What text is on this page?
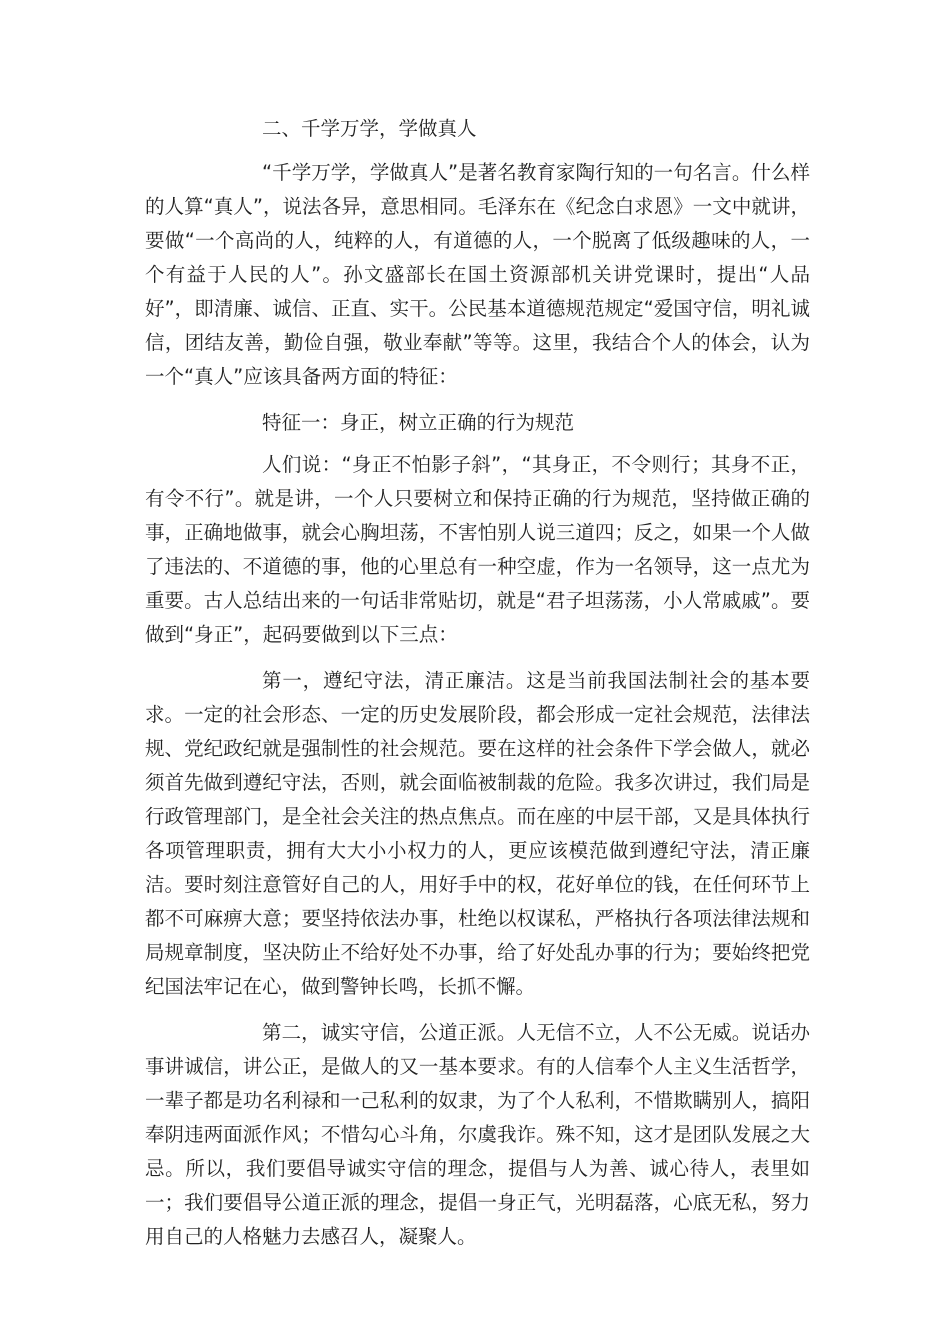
二、千学万学，学做真人

“千学万学，学做真人”是著名教育家陶行知的一句名言。什么样的人算“真人”，说法各异，意思相同。毛泽东在《纪念白求恩》一文中就讲，要做“一个高尚的人，纯粹的人，有道德的人，一个脱离了低级趣味的人，一个有益于人民的人”。孙文盛部长在国土资源部机关讲党课时，提出“人品好”，即清廉、诚信、正直、实干。公民基本道德规范规定“爱国守信，明礼诚信，团结友善，勤俭自强，敬业奉献”等等。这里，我结合个人的体会，认为一个“真人”应该具备两方面的特征：

特征一：身正，树立正确的行为规范

人们说：“身正不怕影子斜”，“其身正，不令则行；其身不正，有令不行”。就是讲，一个人只要树立和保持正确的行为规范，坚持做正确的事，正确地做事，就会心胸坦荡，不害怕别人说三道四；反之，如果一个人做了违法的、不道德的事，他的心里总有一种空虚，作为一名领导，这一点尤为重要。古人总结出来的一句话非常贴切，就是“君子坦荡荡，小人常戚戚”。要做到“身正”，起码要做到以下三点：

第一，遵纪守法，清正廉洁。这是当前我国法制社会的基本要求。一定的社会形态、一定的历史发展阶段，都会形成一定社会规范，法律法规、党纪政纪就是强制性的社会规范。要在这样的社会条件下学会做人，就必须首先做到遵纪守法，否则，就会面临被制裁的危险。我多次讲过，我们局是行政管理部门，是全社会关注的热点焦点。而在座的中层干部，又是具体执行各项管理职责，拥有大大小小权力的人，更应该模范做到遵纪守法，清正廉洁。要时刻注意管好自己的人，用好手中的权，花好单位的钱，在任何环节上都不可麻痹大意；要坚持依法办事，杜绝以权谋私，严格执行各项法律法规和局规章制度，坚决防止不给好处不办事，给了好处乱办事的行为；要始终把党纪国法牢记在心，做到警钟长鸣，长抓不懈。

第二，诚实守信，公道正派。人无信不立，人不公无威。说话办事讲诚信，讲公正，是做人的又一基本要求。有的人信奉个人主义生活哲学，一辈子都是功名利禄和一己私利的奴隶，为了个人私利，不惜欺瞒别人，搞阳奉阴违两面派作风；不惜勾心斗角，尔虞我诈。殊不知，这才是团队发展之大忌。所以，我们要倡导诚实守信的理念，提倡与人为善、诚心待人，表里如一；我们要倡导公道正派的理念，提倡一身正气，光明磊落，心底无私，努力用自己的人格魅力去感召人，凝聚人。
